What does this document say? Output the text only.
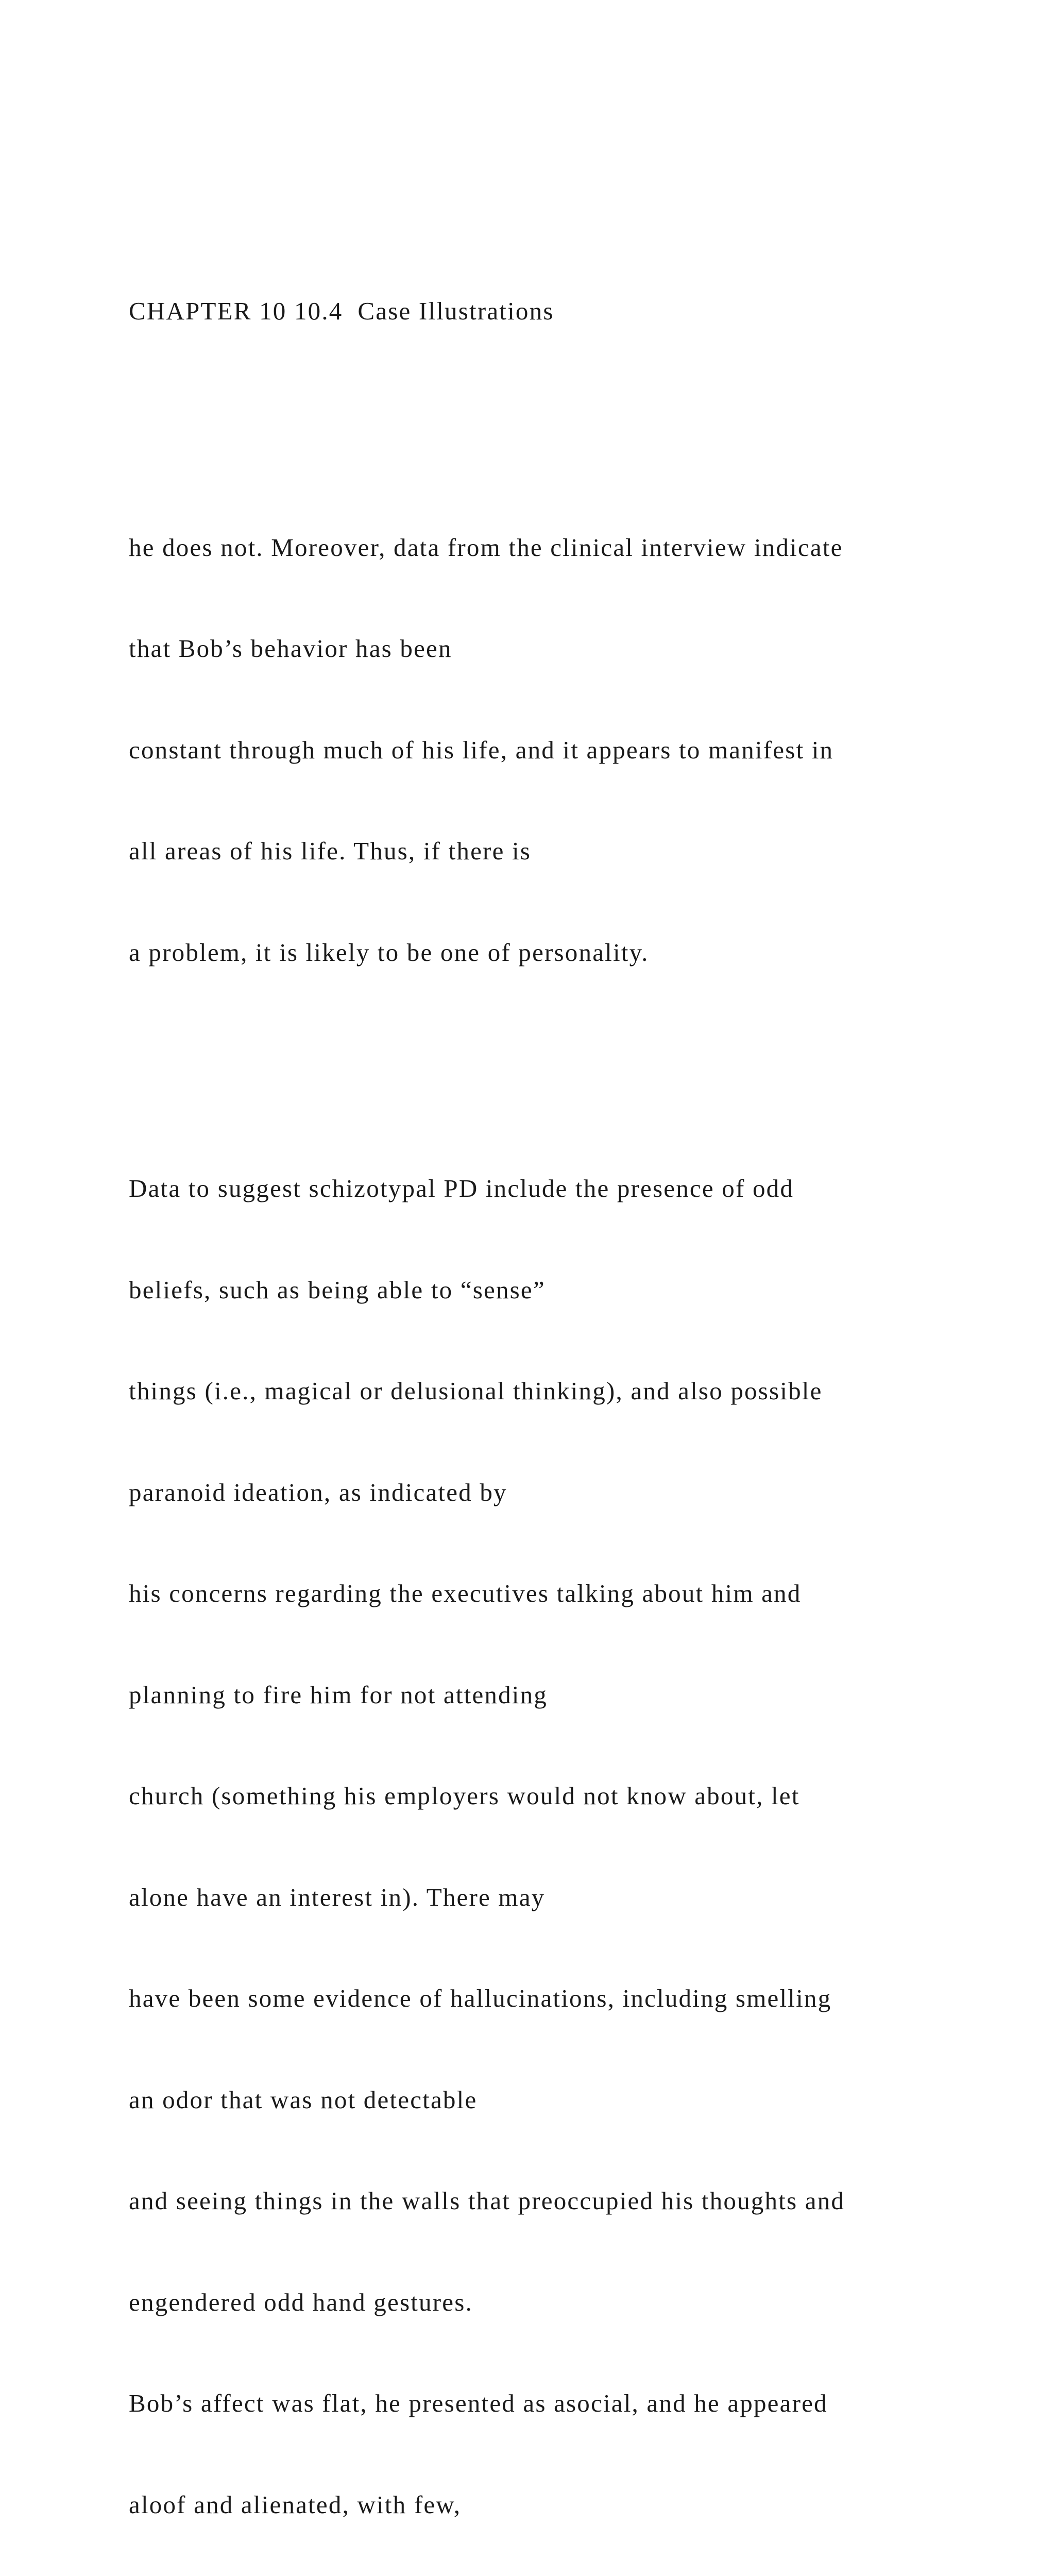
CHAPTER 10 10.4  Case Illustrations

he does not. Moreover, data from the clinical interview indicate

that Bob’s behavior has been

constant through much of his life, and it appears to manifest in

all areas of his life. Thus, if there is

a problem, it is likely to be one of personality.

Data to suggest schizotypal PD include the presence of odd

beliefs, such as being able to “sense”

things (i.e., magical or delusional thinking), and also possible

paranoid ideation, as indicated by

his concerns regarding the executives talking about him and

planning to fire him for not attending

church (something his employers would not know about, let

alone have an interest in). There may

have been some evidence of hallucinations, including smelling

an odor that was not detectable

and seeing things in the walls that preoccupied his thoughts and

engendered odd hand gestures.

Bob’s affect was flat, he presented as asocial, and he appeared

aloof and alienated, with few,
